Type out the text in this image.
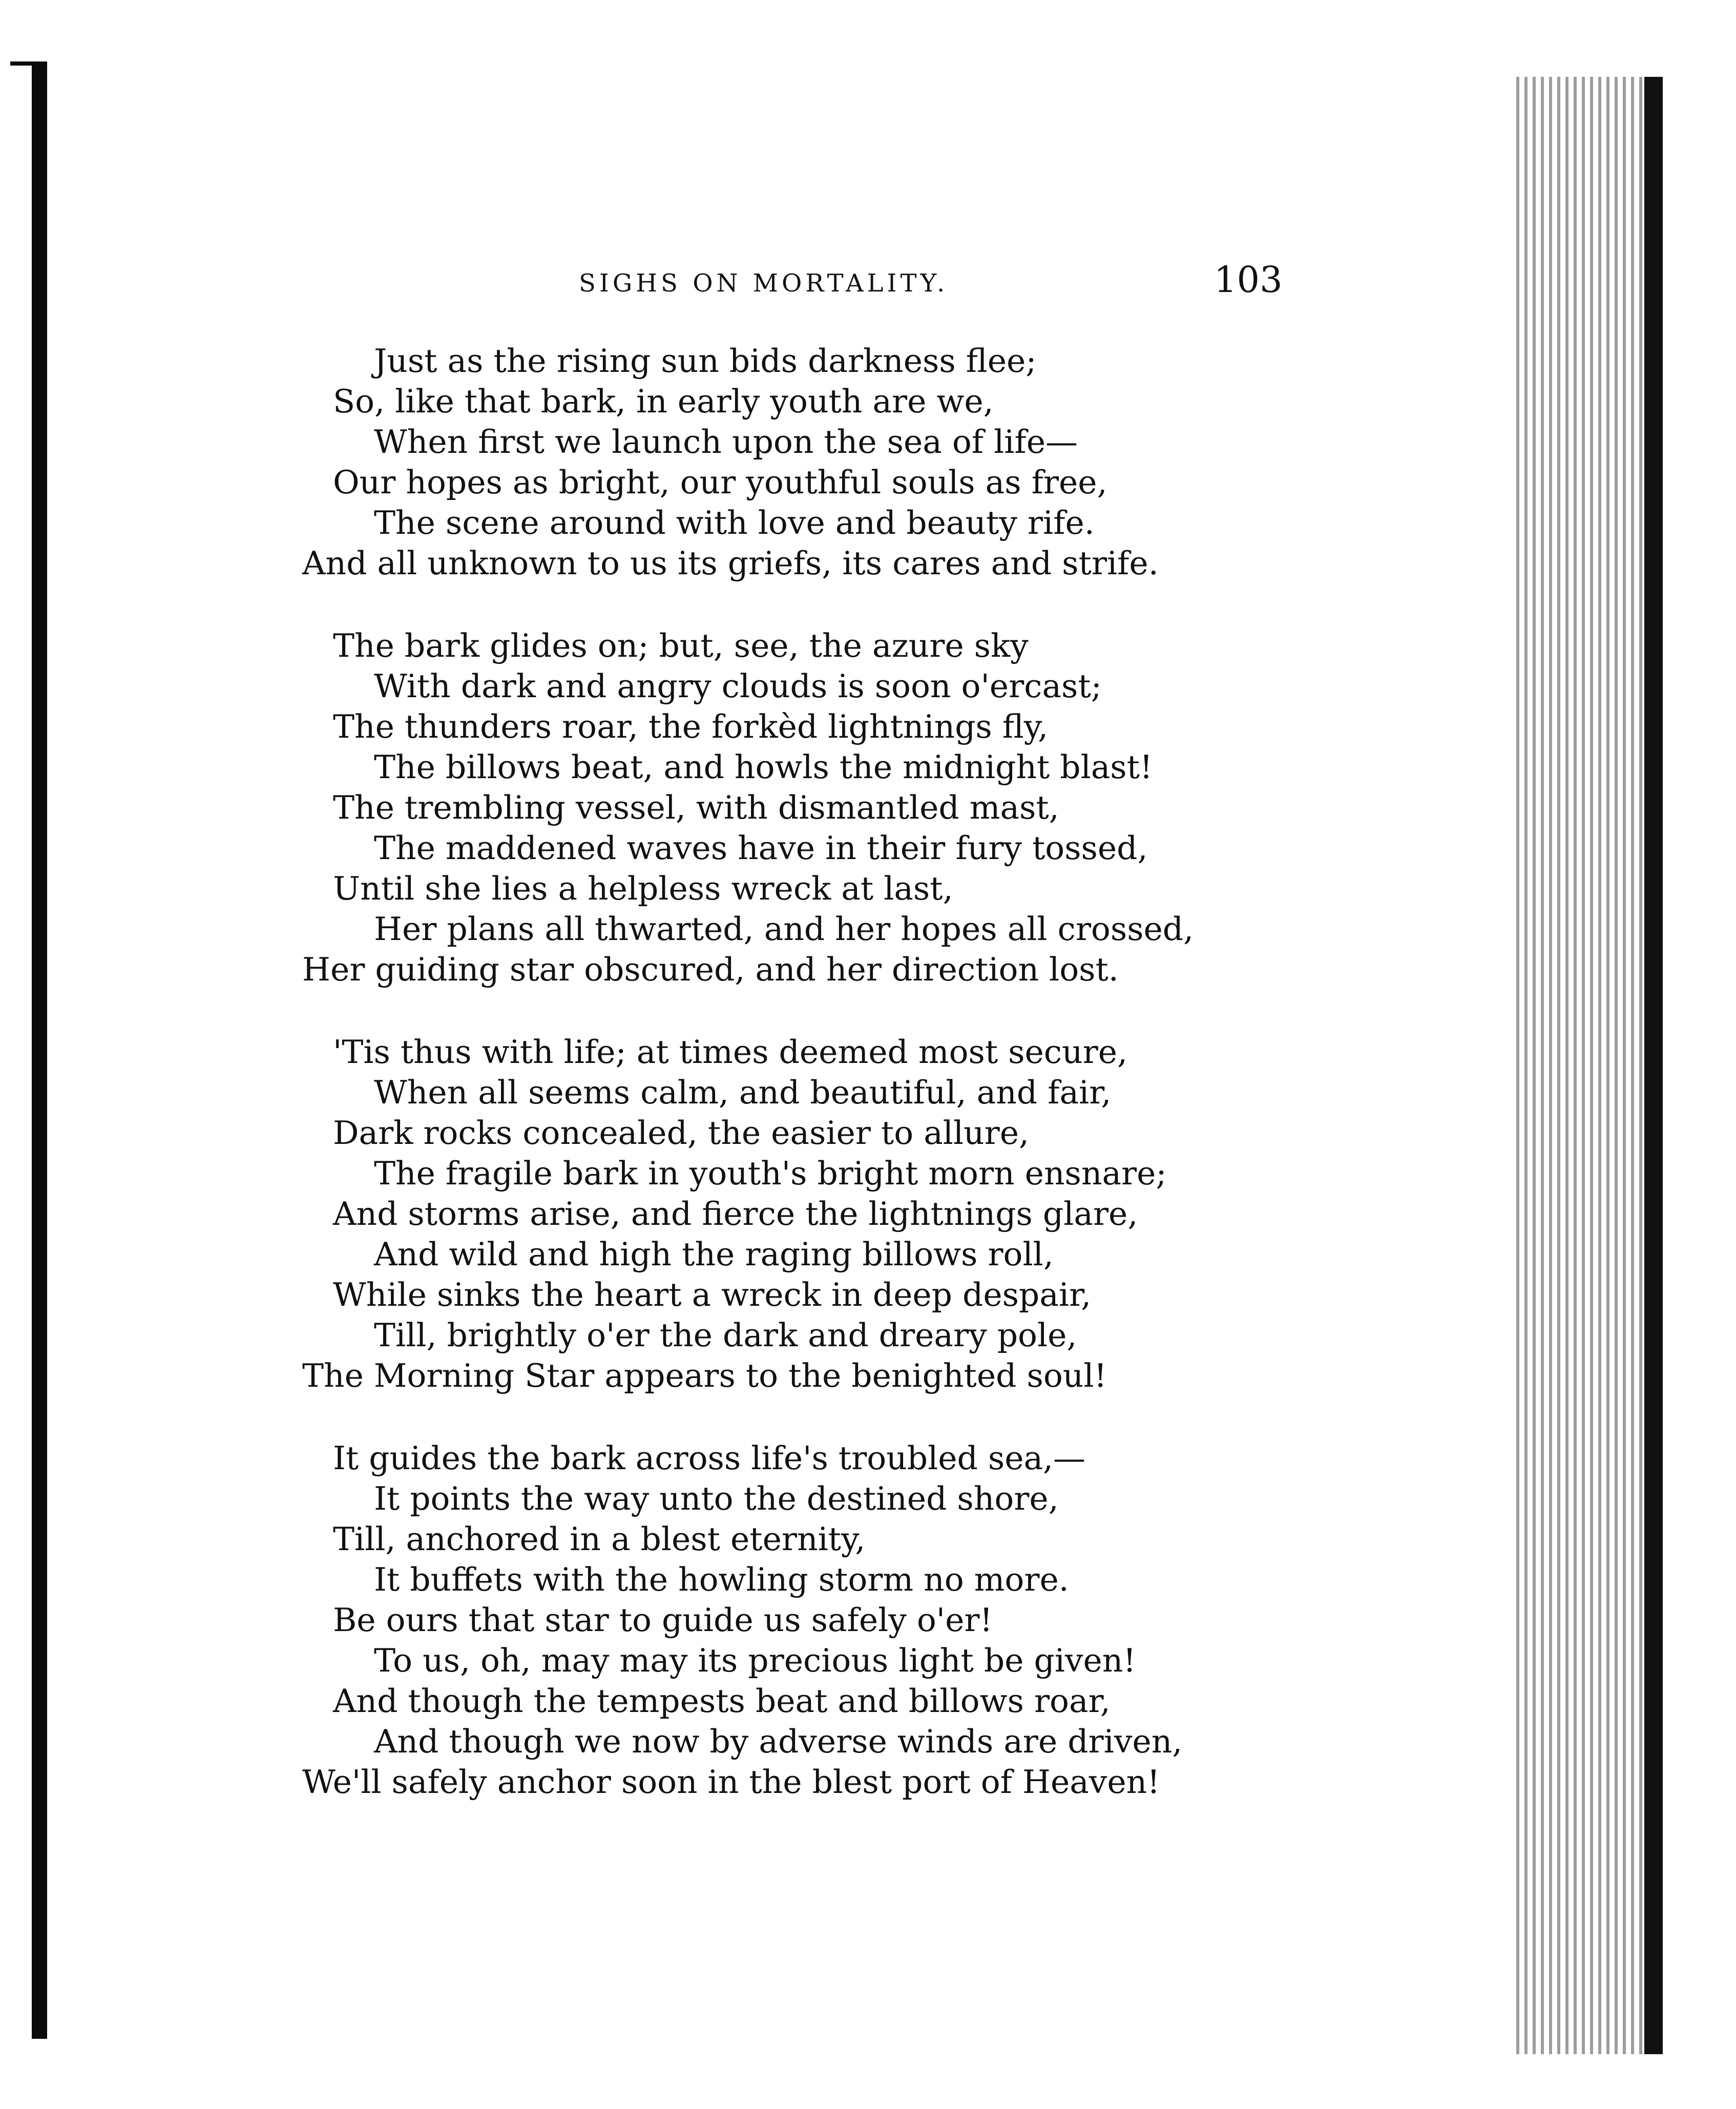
SIGHS ON MORTALITY.	103
Just as the rising sun bids darkness flee;
So, like that bark, in early youth are we,
When first we launch upon the sea of life—
Our hopes as bright, our youthful souls as free,
The scene around with love and beauty rife.
And all unknown to us its griefs, its cares and strife.
The bark glides on; but, see, the azure sky
With dark and angry clouds is soon o'ercast;
The thunders roar, the forkèd lightnings fly,
The billows beat, and howls the midnight blast!
The trembling vessel, with dismantled mast,
The maddened waves have in their fury tossed,
Until she lies a helpless wreck at last,
Her plans all thwarted, and her hopes all crossed,
Her guiding star obscured, and her direction lost.
'Tis thus with life; at times deemed most secure,
When all seems calm, and beautiful, and fair,
Dark rocks concealed, the easier to allure,
The fragile bark in youth's bright morn ensnare;
And storms arise, and fierce the lightnings glare,
And wild and high the raging billows roll,
While sinks the heart a wreck in deep despair,
Till, brightly o'er the dark and dreary pole,
The Morning Star appears to the benighted soul!
It guides the bark across life's troubled sea,—
It points the way unto the destined shore,
Till, anchored in a blest eternity,
It buffets with the howling storm no more.
Be ours that star to guide us safely o'er!
To us, oh, may may its precious light be given!
And though the tempests beat and billows roar,
And though we now by adverse winds are driven,
We'll safely anchor soon in the blest port of Heaven!
